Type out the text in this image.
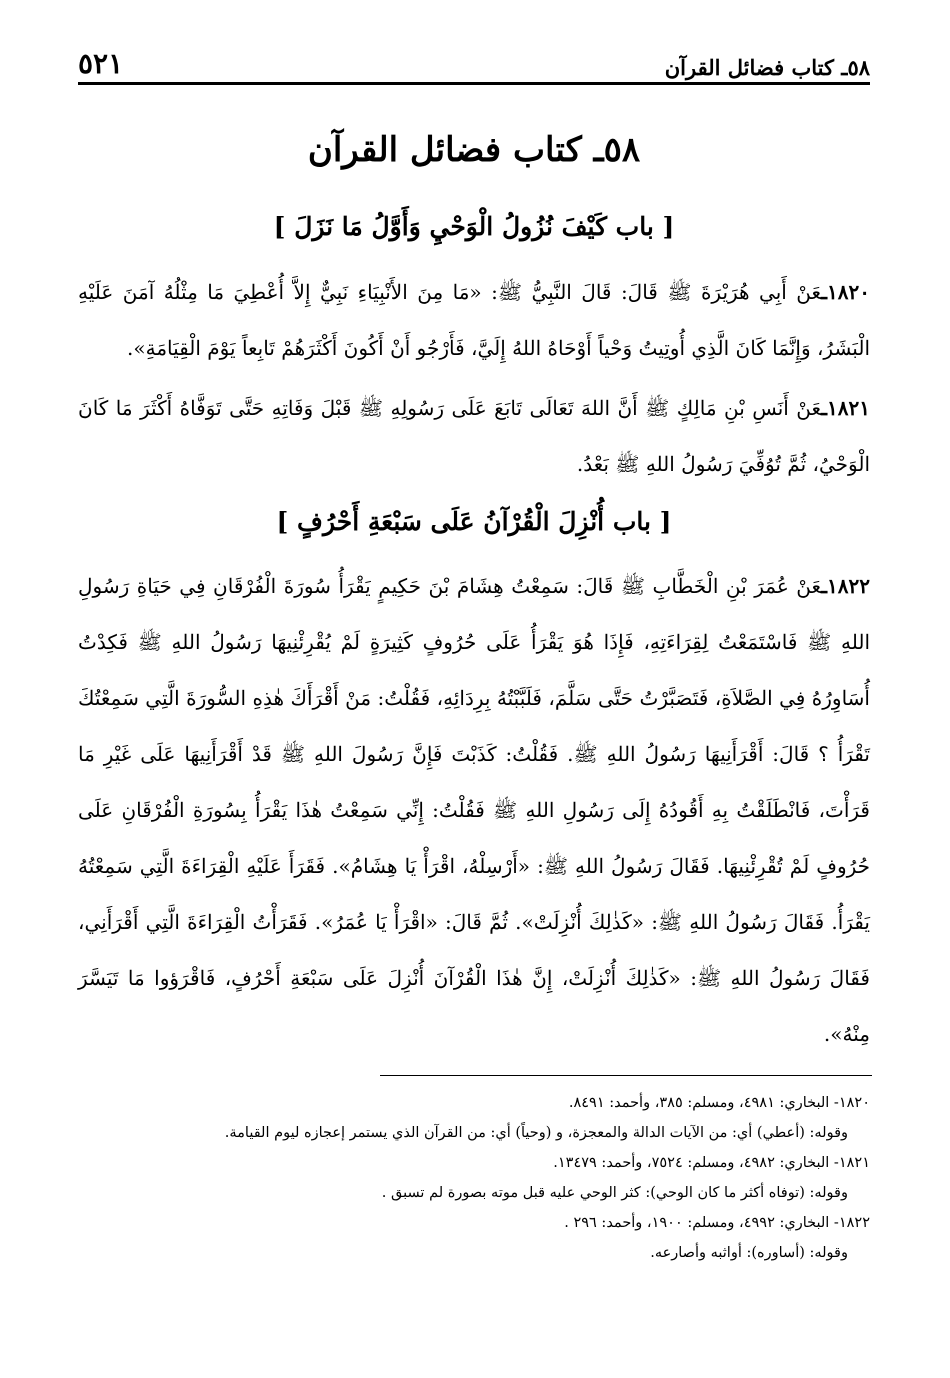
٥٨ـ كتاب فضائل القرآن
٥٢١
٥٨ـ كتاب فضائل القرآن
[ باب كَيْفَ نُزُولُ الْوَحْيِ وَأَوَّلُ مَا نَزَلَ ]
١٨٢٠ـعَنْ أَبِي هُرَيْرَةَ ﷺ قَالَ: قَالَ النَّبِيُّ ﷺ: «مَا مِنَ الأَنْبِيَاءِ نَبِيٌّ إِلاَّ أُعْطِيَ مَا مِثْلُهُ آمَنَ عَلَيْهِ الْبَشَرُ، وَإِنَّمَا كَانَ الَّذِي أُوتِيتُ وَحْياً أَوْحَاهُ اللهُ إِلَيَّ، فَأَرْجُو أَنْ أَكُونَ أَكْثَرَهُمْ تَابِعاً يَوْمَ الْقِيَامَةِ».
١٨٢١ـعَنْ أَنَسِ بْنِ مَالِكٍ ﷺ أَنَّ اللهَ تَعَالَى تَابَعَ عَلَى رَسُولِهِ ﷺ قَبْلَ وَفَاتِهِ حَتَّى تَوَفَّاهُ أَكْثَرَ مَا كَانَ الْوَحْيُ، ثُمَّ تُوُفِّيَ رَسُولُ اللهِ ﷺ بَعْدُ.
[ باب أُنْزِلَ الْقُرْآنُ عَلَى سَبْعَةِ أَحْرُفٍ ]
١٨٢٢ـعَنْ عُمَرَ بْنِ الْخَطَّابِ ﷺ قَالَ: سَمِعْتُ هِشَامَ بْنَ حَكِيمٍ يَقْرَأُ سُورَةَ الْفُرْقَانِ فِي حَيَاةِ رَسُولِ اللهِ ﷺ فَاسْتَمَعْتُ لِقِرَاءَتِهِ، فَإِذَا هُوَ يَقْرَأُ عَلَى حُرُوفٍ كَثِيرَةٍ لَمْ يُقْرِئْنِيهَا رَسُولُ اللهِ ﷺ فَكِدْتُ أُسَاوِرُهُ فِي الصَّلاَةِ، فَتَصَبَّرْتُ حَتَّى سَلَّمَ، فَلَبَّبْتُهُ بِرِدَائِهِ، فَقُلْتُ: مَنْ أَقْرَأَكَ هٰذِهِ السُّورَةَ الَّتِي سَمِعْتُكَ تَقْرَأُ ؟ قَالَ: أَقْرَأَنِيهَا رَسُولُ اللهِ ﷺ. فَقُلْتُ: كَذَبْتَ فَإِنَّ رَسُولَ اللهِ ﷺ قَدْ أَقْرَأَنِيهَا عَلَى غَيْرِ مَا قَرَأْتَ، فَانْطَلَقْتُ بِهِ أَقُودُهُ إِلَى رَسُولِ اللهِ ﷺ فَقُلْتُ: إِنِّي سَمِعْتُ هٰذَا يَقْرَأُ بِسُورَةِ الْفُرْقَانِ عَلَى حُرُوفٍ لَمْ تُقْرِئْنِيهَا. فَقَالَ رَسُولُ اللهِ ﷺ: «أَرْسِلْهُ، اقْرَأْ يَا هِشَامُ». فَقَرَأَ عَلَيْهِ الْقِرَاءَةَ الَّتِي سَمِعْتُهُ يَقْرَأُ. فَقَالَ رَسُولُ اللهِ ﷺ: «كَذٰلِكَ أُنْزِلَتْ». ثُمَّ قَالَ: «اقْرَأْ يَا عُمَرُ». فَقَرَأْتُ الْقِرَاءَةَ الَّتِي أَقْرَأَنِي، فَقَالَ رَسُولُ اللهِ ﷺ: «كَذٰلِكَ أُنْزِلَتْ، إِنَّ هٰذَا الْقُرْآنَ أُنْزِلَ عَلَى سَبْعَةِ أَحْرُفٍ، فَاقْرَؤوا مَا تَيَسَّرَ مِنْهُ».
١٨٢٠- البخاري: ٤٩٨١، ومسلم: ٣٨٥، وأحمد: ٨٤٩١.
وقوله: (أعطي) أي: من الآيات الدالة والمعجزة، و (وحياً) أي: من القرآن الذي يستمر إعجازه ليوم القيامة.
١٨٢١- البخاري: ٤٩٨٢، ومسلم: ٧٥٢٤، وأحمد: ١٣٤٧٩.
وقوله: (توفاه أكثر ما كان الوحي): كثر الوحي عليه قبل موته بصورة لم تسبق .
١٨٢٢- البخاري: ٤٩٩٢، ومسلم: ١٩٠٠، وأحمد: ٢٩٦ .
وقوله: (أساوره): أواثبه وأصارعه.
